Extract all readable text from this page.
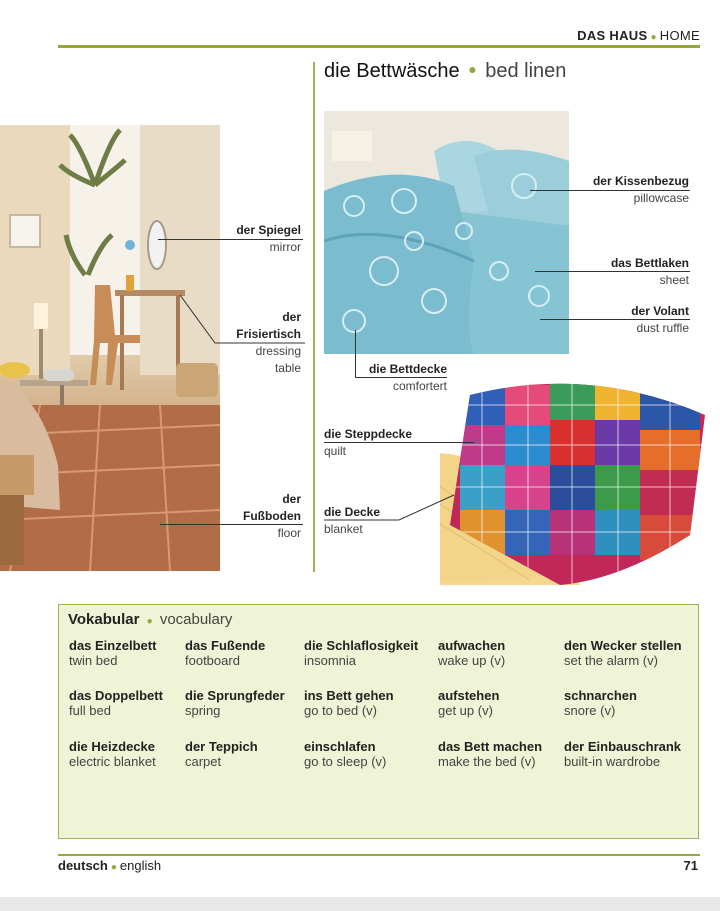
DAS HAUS ● HOME
die Bettwäsche ● bed linen
der Spiegel
mirror
der
Frisiertisch
dressing
table
der
Fußboden
floor
der Kissenbezug
pillowcase
das Bettlaken
sheet
der Volant
dust ruffle
die Bettdecke
comfortert
die Steppdecke
quilt
die Decke
blanket
Vokabular ● vocabulary
das Einzelbett
twin bed
das Fußende
footboard
die Schlaflosigkeit
insomnia
aufwachen
wake up (v)
den Wecker stellen
set the alarm (v)
das Doppelbett
full bed
die Sprungfeder
spring
ins Bett gehen
go to bed (v)
aufstehen
get up (v)
schnarchen
snore (v)
die Heizdecke
electric blanket
der Teppich
carpet
einschlafen
go to sleep (v)
das Bett machen
make the bed (v)
der Einbauschrank
built-in wardrobe
deutsch ● english	71
